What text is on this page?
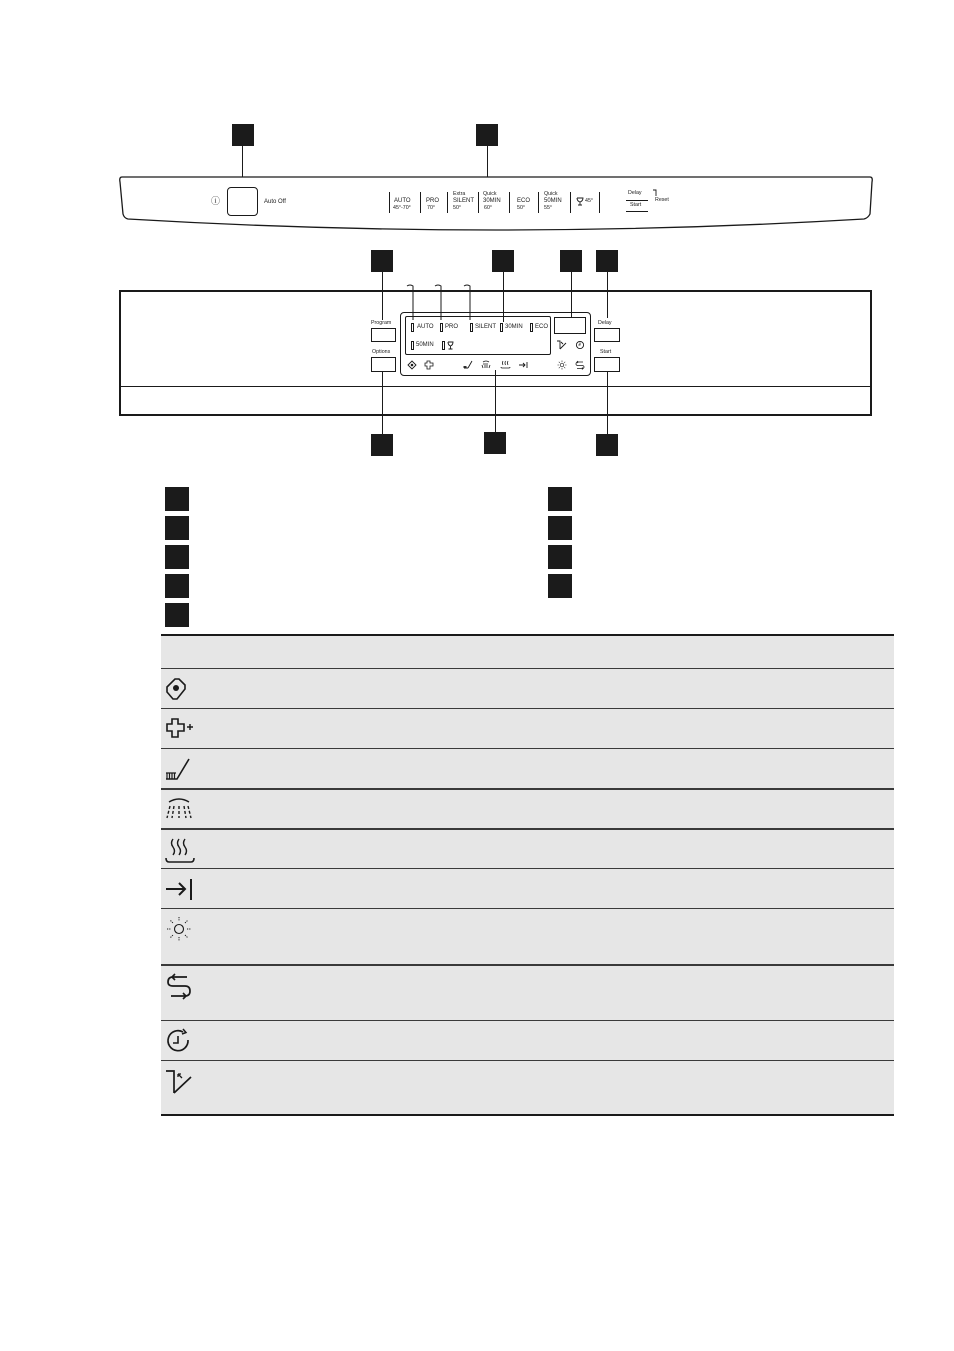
ⓘ	Auto Off	AUTO
45°-70°
PRO
70°
Extra
SILENT
50°
Quick
30MIN
60°
ECO
50°
Quick
50MIN
55°
45°
Delay
Start
Reset
Program
Options
Delay
Start
AUTO PRO	SILENT 30MIN ECO
50MIN
